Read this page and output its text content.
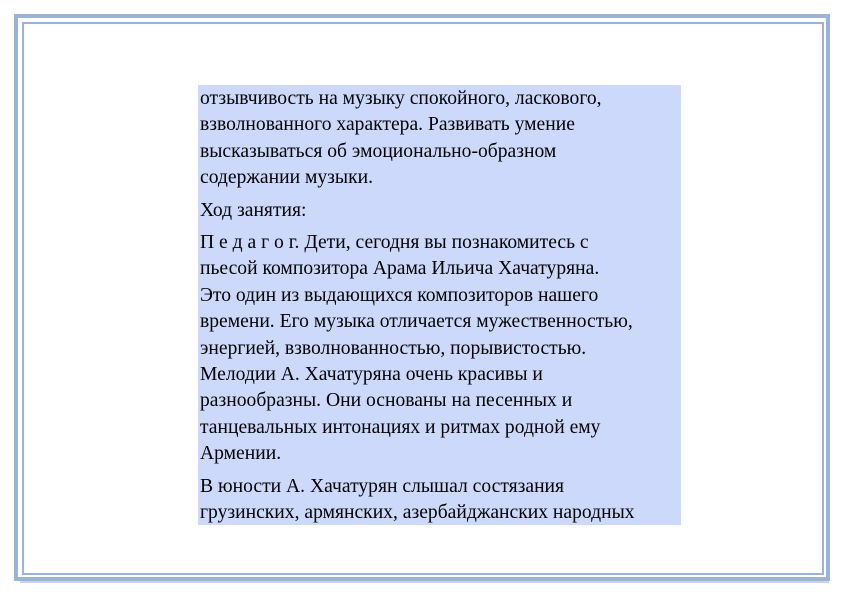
отзывчивость на музыку спокойного, ласкового,
взволнованного характера. Развивать умение
высказываться об эмоционально-образном
содержании музыки.

Ход занятия:

П е д а г о г. Дети, сегодня вы познакомитесь с
пьесой композитора Арама Ильича Хачатуряна.
Это один из выдающихся композиторов нашего
времени. Его музыка отличается мужественностью,
энергией, взволнованностью, порывистостью.
Мелодии А. Хачатуряна очень красивы и
разнообразны. Они основаны на песенных и
танцевальных интонациях и ритмах родной ему
Армении.

В юности А. Хачатурян слышал состязания
грузинских, армянских, азербайджанских народных
